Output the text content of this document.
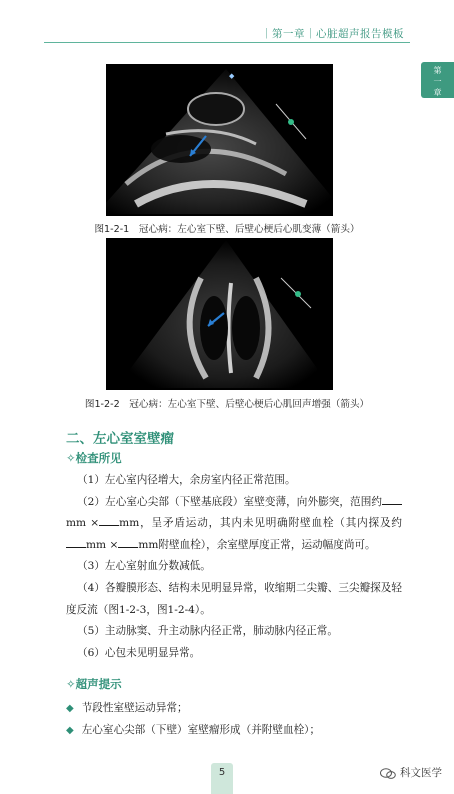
｜第一章｜心脏超声报告模板
第
一
章
◆
图1-2-1　冠心病：左心室下壁、后壁心梗后心肌变薄（箭头）
图1-2-2　冠心病：左心室下壁、后壁心梗后心肌回声增强（箭头）
二、左心室室壁瘤
✧检查所见
（1）左心室内径增大，余房室内径正常范围。
（2）左心室心尖部（下壁基底段）室壁变薄，向外膨突，范围约mm × mm，呈矛盾运动，其内未见明确附壁血栓（其内探及约mm × mm附壁血栓），余室壁厚度正常，运动幅度尚可。
（3）左心室射血分数减低。
（4）各瓣膜形态、结构未见明显异常，收缩期二尖瓣、三尖瓣探及轻度反流（图1-2-3，图1-2-4）。
（5）主动脉窦、升主动脉内径正常，肺动脉内径正常。
（6）心包未见明显异常。
✧超声提示
◆ 节段性室壁运动异常；
◆ 左心室心尖部（下壁）室壁瘤形成（并附壁血栓）；
5	科文医学
